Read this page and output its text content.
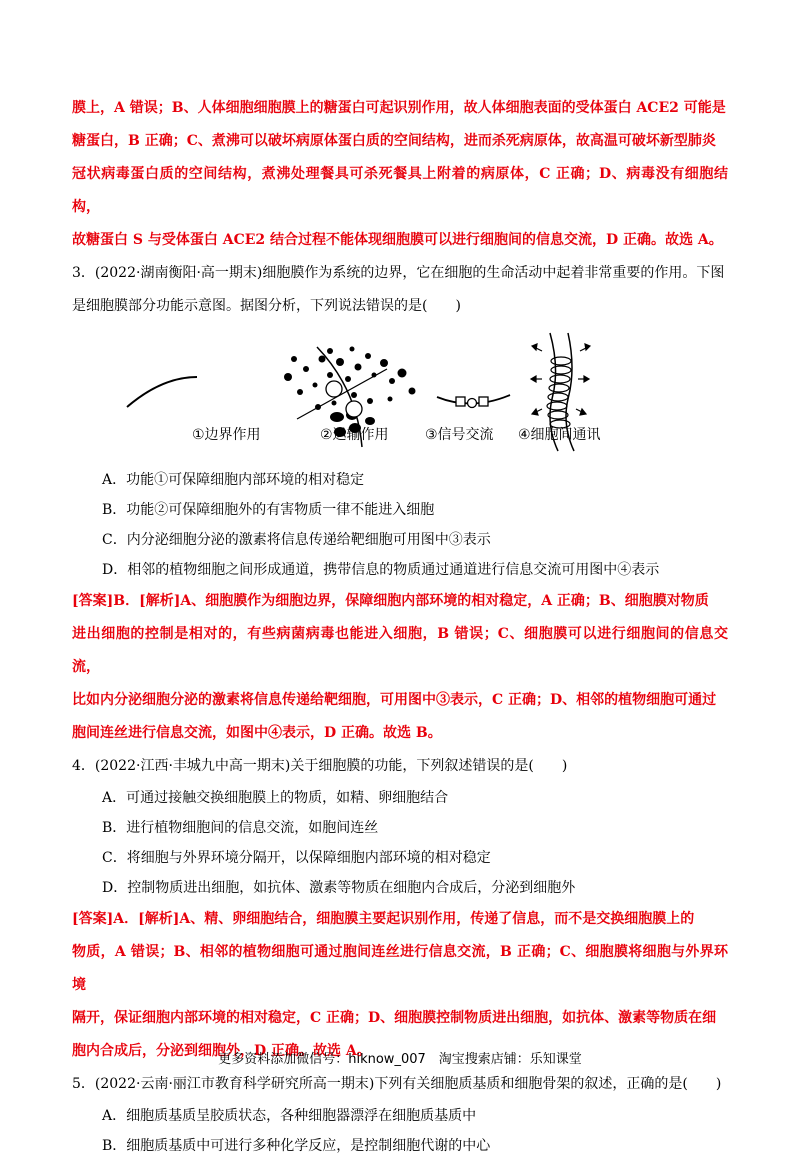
膜上，A 错误；B、人体细胞细胞膜上的糖蛋白可起识别作用，故人体细胞表面的受体蛋白 ACE2 可能是
糖蛋白，B 正确；C、煮沸可以破坏病原体蛋白质的空间结构，进而杀死病原体，故高温可破坏新型肺炎
冠状病毒蛋白质的空间结构，煮沸处理餐具可杀死餐具上附着的病原体，C 正确；D、病毒没有细胞结构，
故糖蛋白 S 与受体蛋白 ACE2 结合过程不能体现细胞膜可以进行细胞间的信息交流，D 正确。故选 A。
3．(2022·湖南衡阳·高一期末)细胞膜作为系统的边界，它在细胞的生命活动中起着非常重要的作用。下图
是细胞膜部分功能示意图。据图分析，下列说法错误的是(　　)
①边界作用	②运输作用	③信号交流 ④细胞间通讯
A．功能①可保障细胞内部环境的相对稳定
B．功能②可保障细胞外的有害物质一律不能进入细胞
C．内分泌细胞分泌的激素将信息传递给靶细胞可用图中③表示
D．相邻的植物细胞之间形成通道，携带信息的物质通过通道进行信息交流可用图中④表示
[答案]B．[解析]A、细胞膜作为细胞边界，保障细胞内部环境的相对稳定，A 正确；B、细胞膜对物质
进出细胞的控制是相对的，有些病菌病毒也能进入细胞，B 错误；C、细胞膜可以进行细胞间的信息交流，
比如内分泌细胞分泌的激素将信息传递给靶细胞，可用图中③表示，C 正确；D、相邻的植物细胞可通过
胞间连丝进行信息交流，如图中④表示，D 正确。故选 B。
4．(2022·江西·丰城九中高一期末)关于细胞膜的功能，下列叙述错误的是(　　)
A．可通过接触交换细胞膜上的物质，如精、卵细胞结合
B．进行植物细胞间的信息交流，如胞间连丝
C．将细胞与外界环境分隔开，以保障细胞内部环境的相对稳定
D．控制物质进出细胞，如抗体、激素等物质在细胞内合成后，分泌到细胞外
[答案]A．[解析]A、精、卵细胞结合，细胞膜主要起识别作用，传递了信息，而不是交换细胞膜上的
物质，A 错误；B、相邻的植物细胞可通过胞间连丝进行信息交流，B 正确；C、细胞膜将细胞与外界环境
隔开，保证细胞内部环境的相对稳定，C 正确；D、细胞膜控制物质进出细胞，如抗体、激素等物质在细
胞内合成后，分泌到细胞外，D 正确。故选 A。
5．(2022·云南·丽江市教育科学研究所高一期末)下列有关细胞质基质和细胞骨架的叙述，正确的是(　　)
A．细胞质基质呈胶质状态，各种细胞器漂浮在细胞质基质中
B．细胞质基质中可进行多种化学反应，是控制细胞代谢的中心
更多资料添加微信号：hiknow_007　淘宝搜索店铺：乐知课堂
